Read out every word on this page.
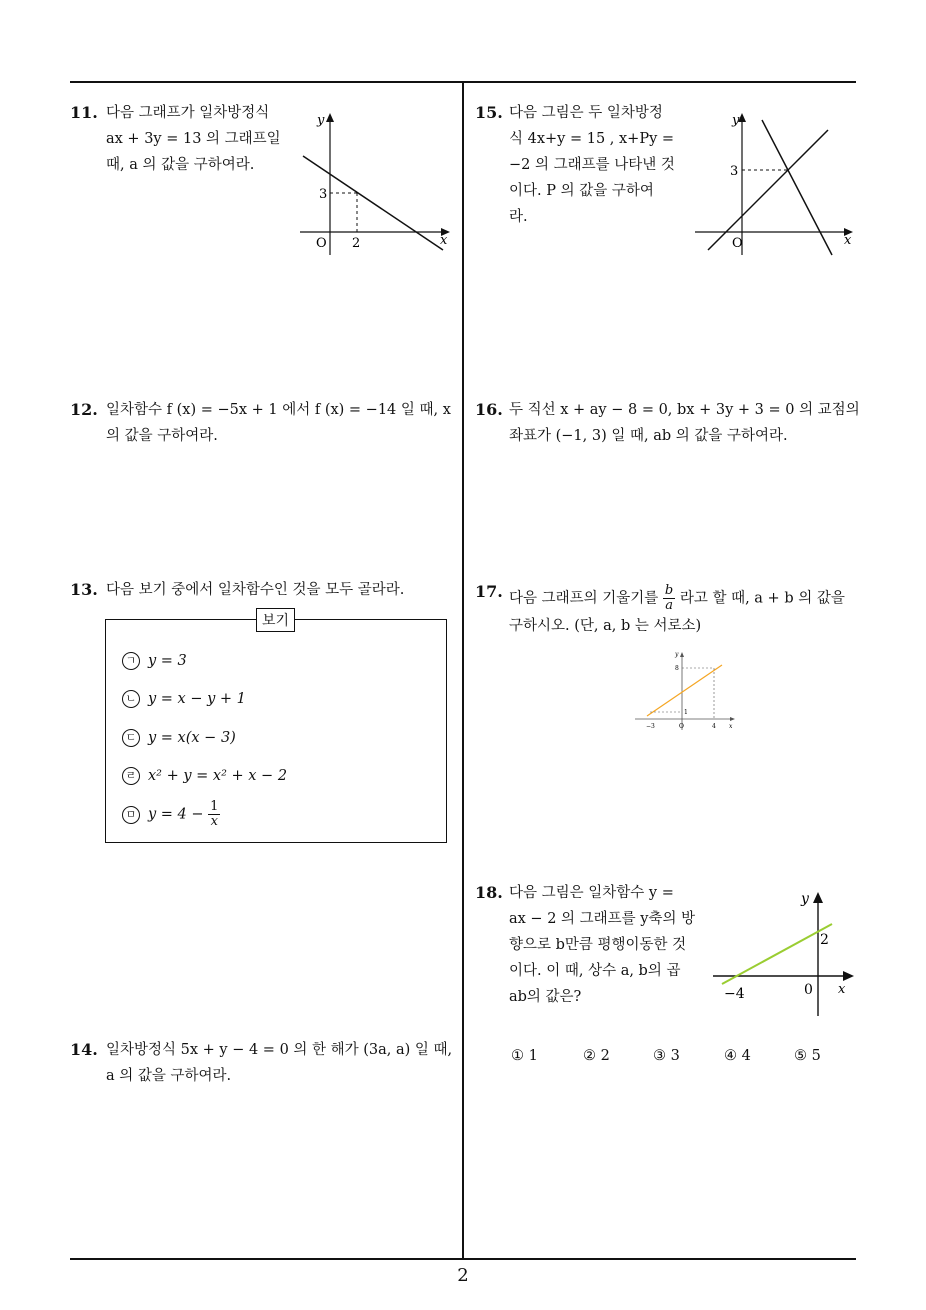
11. 다음 그래프가 일차방정식
ax + 3y = 13 의 그래프일
때, a 의 값을 구하여라.
y
x
O
3
2
12. 일차함수 f (x) = −5x + 1 에서 f (x) = −14 일 때, x
의 값을 구하여라.
13. 다음 보기 중에서 일차함수인 것을 모두 골라라.
보기
ㄱ y = 3
ㄴ y = x − y + 1
ㄷ y = x(x − 3)
ㄹ x² + y = x² + x − 2
ㅁ $y = 4 - \frac{1}{x}$
14. 일차방정식 5x + y − 4 = 0 의 한 해가 (3a, a) 일 때,
a 의 값을 구하여라.
15. 다음 그림은 두 일차방정
식 4x+y = 15 , x+Py =
−2 의 그래프를 나타낸 것
이다. P 의 값을 구하여
라.
y
x
O
3
16. 두 직선 x + ay − 8 = 0, bx + 3y + 3 = 0 의 교점의
좌표가 (−1, 3) 일 때, ab 의 값을 구하여라.
17. 다음 그래프의 기울기를 $\frac{b}{a}$ 라고 할 때, a + b 의 값을
구하시오. (단, a, b 는 서로소)
y
x
O
8
1
−3	4
18. 다음 그림은 일차함수 y =
ax − 2 의 그래프를 y축의 방
향으로 b만큼 평행이동한 것
이다. 이 때, 상수 a, b의 곱
ab의 값은?
y
x
0
2
−4
① 1	② 2	③ 3	④ 4	⑤ 5
2
